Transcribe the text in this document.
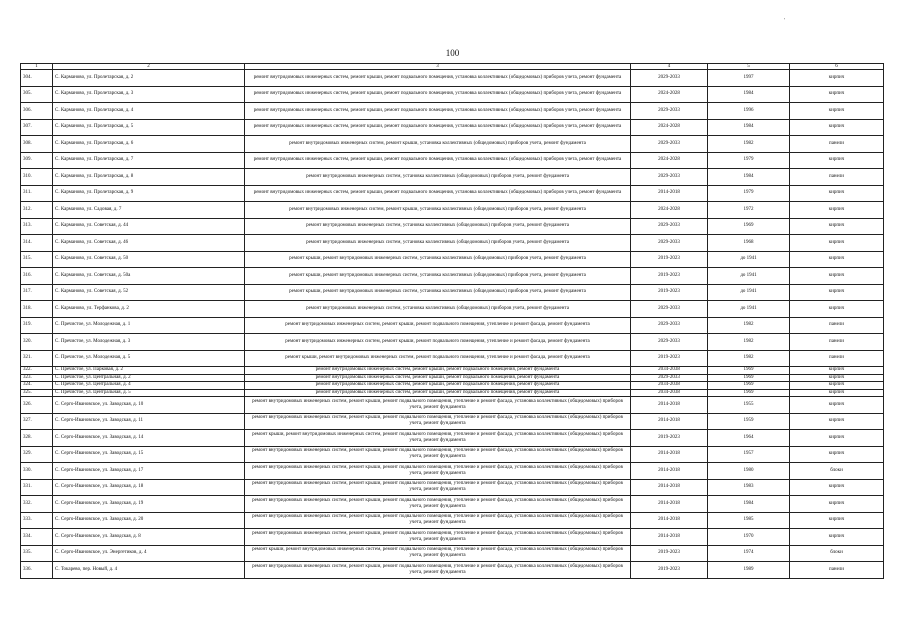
100
1	2	3	4	5	6
304.	С. Карманово, ул. Пролетарская, д. 2	ремонт внутридомовых инженерных систем, ремонт крыши, ремонт подвального помещения, установка коллективных (общедомовых) приборов учета, ремонт фундамента	2029-2033	1997	кирпич
305.	С. Карманово, ул. Пролетарская, д. 3	ремонт внутридомовых инженерных систем, ремонт крыши, ремонт подвального помещения, установка коллективных (общедомовых) приборов учета, ремонт фундамента	2024-2028	1984	кирпич
306.	С. Карманово, ул. Пролетарская, д. 4	ремонт внутридомовых инженерных систем, ремонт крыши, ремонт подвального помещения, установка коллективных (общедомовых) приборов учета, ремонт фундамента	2029-2033	1996	кирпич
307.	С. Карманово, ул. Пролетарская, д. 5	ремонт внутридомовых инженерных систем, ремонт крыши, ремонт подвального помещения, установка коллективных (общедомовых) приборов учета, ремонт фундамента	2024-2028	1984	кирпич
308.	С. Карманово, ул. Пролетарская, д. 6	ремонт внутридомовых инженерных систем, ремонт крыши, установка коллективных (общедомовых) приборов учета, ремонт фундамента	2029-2033	1982	панели
309.	С. Карманово, ул. Пролетарская, д. 7	ремонт внутридомовых инженерных систем, ремонт крыши, ремонт подвального помещения, установка коллективных (общедомовых) приборов учета, ремонт фундамента	2024-2028	1979	кирпич
310.	С. Карманово, ул. Пролетарская, д. 8	ремонт внутридомовых инженерных систем, установка коллективных (общедомовых) приборов учета, ремонт фундамента	2029-2033	1984	панели
311.	С. Карманово, ул. Пролетарская, д. 9	ремонт внутридомовых инженерных систем, ремонт крыши, ремонт подвального помещения, установка коллективных (общедомовых) приборов учета, ремонт фундамента	2014-2018	1979	кирпич
312.	С. Карманово, ул. Садовая, д. 7	ремонт внутридомовых инженерных систем, ремонт крыши, установка коллективных (общедомовых) приборов учета, ремонт фундамента	2024-2028	1972	кирпич
313.	С. Карманово, ул. Советская, д. 44	ремонт внутридомовых инженерных систем, установка коллективных (общедомовых) приборов учета, ремонт фундамента	2029-2033	1969	кирпич
314.	С. Карманово, ул. Советская, д. 46	ремонт внутридомовых инженерных систем, установка коллективных (общедомовых) приборов учета, ремонт фундамента	2029-2033	1968	кирпич
315.	С. Карманово, ул. Советская, д. 50	ремонт крыши, ремонт внутридомовых инженерных систем, установка коллективных (общедомовых) приборов учета, ремонт фундамента	2019-2023	до 1941	кирпич
316.	С. Карманово, ул. Советская, д. 50а	ремонт крыши, ремонт внутридомовых инженерных систем, установка коллективных (общедомовых) приборов учета, ремонт фундамента	2019-2023	до 1941	кирпич
317.	С. Карманово, ул. Советская, д. 52	ремонт крыши, ремонт внутридомовых инженерных систем, установка коллективных (общедомовых) приборов учета, ремонт фундамента	2019-2023	до 1941	кирпич
318.	С. Карманово, ул. Терфанкова, д. 2	ремонт внутридомовых инженерных систем, установка коллективных (общедомовых) приборов учета, ремонт фундамента	2029-2033	до 1941	кирпич
319.	С. Пречистое, ул. Молодежная, д. 1	ремонт внутридомовых инженерных систем, ремонт крыши, ремонт подвального помещения, утепление и ремонт фасада, ремонт фундамента	2029-2033	1982	панели
320.	С. Пречистое, ул. Молодежная, д. 3	ремонт внутридомовых инженерных систем, ремонт крыши, ремонт подвального помещения, утепление и ремонт фасада, ремонт фундамента	2029-2033	1982	панели
321.	С. Пречистое, ул. Молодежная, д. 5	ремонт крыши, ремонт внутридомовых инженерных систем, ремонт подвального помещения, утепление и ремонт фасада, ремонт фундамента	2019-2023	1982	панели
322.	С. Пречистое, ул. Парковая, д. 2	ремонт внутридомовых инженерных систем, ремонт крыши, ремонт подвального помещения, ремонт фундамента	2034-2038	1969	кирпич
323.	С. Пречистое, ул. Центральная, д. 2	ремонт внутридомовых инженерных систем, ремонт крыши, ремонт подвального помещения, ремонт фундамента	2029-2033	1969	кирпич
324.	С. Пречистое, ул. Центральная, д. 4	ремонт внутридомовых инженерных систем, ремонт крыши, ремонт подвального помещения, ремонт фундамента	2034-2038	1969	кирпич
325.	С. Пречистое, ул. Центральная, д. 5	ремонт внутридомовых инженерных систем, ремонт крыши, ремонт подвального помещения, ремонт фундамента	2034-2038	1969	кирпич
326.	С. Серго-Ивановское, ул. Заводская, д. 10	ремонт внутридомовых инженерных систем, ремонт крыши, ремонт подвального помещения, утепление и ремонт фасада, установка коллективных (общедомовых) приборов учета, ремонт фундамента	2014-2018	1955	кирпич
327.	С. Серго-Ивановское, ул. Заводская, д. 11	ремонт внутридомовых инженерных систем, ремонт крыши, ремонт подвального помещения, утепление и ремонт фасада, установка коллективных (общедомовых) приборов учета, ремонт фундамента	2014-2018	1959	кирпич
328.	С. Серго-Ивановское, ул. Заводская, д. 14	ремонт крыши, ремонт внутридомовых инженерных систем, ремонт подвального помещения, утепление и ремонт фасада, установка коллективных (общедомовых) приборов учета, ремонт фундамента	2019-2023	1964	кирпич
329.	С. Серго-Ивановское, ул. Заводская, д. 15	ремонт внутридомовых инженерных систем, ремонт крыши, ремонт подвального помещения, утепление и ремонт фасада, установка коллективных (общедомовых) приборов учета, ремонт фундамента	2014-2018	1957	кирпич
330.	С. Серго-Ивановское, ул. Заводская, д. 17	ремонт внутридомовых инженерных систем, ремонт крыши, ремонт подвального помещения, утепление и ремонт фасада, установка коллективных (общедомовых) приборов учета, ремонт фундамента	2014-2018	1980	блоки
331.	С. Серго-Ивановское, ул. Заводская, д. 18	ремонт внутридомовых инженерных систем, ремонт крыши, ремонт подвального помещения, утепление и ремонт фасада, установка коллективных (общедомовых) приборов учета, ремонт фундамента	2014-2018	1983	кирпич
332.	С. Серго-Ивановское, ул. Заводская, д. 19	ремонт внутридомовых инженерных систем, ремонт крыши, ремонт подвального помещения, утепление и ремонт фасада, установка коллективных (общедомовых) приборов учета, ремонт фундамента	2014-2018	1984	кирпич
333.	С. Серго-Ивановское, ул. Заводская, д. 20	ремонт внутридомовых инженерных систем, ремонт крыши, ремонт подвального помещения, утепление и ремонт фасада, установка коллективных (общедомовых) приборов учета, ремонт фундамента	2014-2018	1985	кирпич
334.	С. Серго-Ивановское, ул. Заводская, д. 8	ремонт внутридомовых инженерных систем, ремонт крыши, ремонт подвального помещения, утепление и ремонт фасада, установка коллективных (общедомовых) приборов учета, ремонт фундамента	2014-2018	1970	кирпич
335.	С. Серго-Ивановское, ул. Энергетиков, д. 4	ремонт крыши, ремонт внутридомовых инженерных систем, ремонт подвального помещения, утепление и ремонт фасада, установка коллективных (общедомовых) приборов учета, ремонт фундамента	2019-2023	1974	блоки
336.	С. Токарево, пер. Новый, д. 4	ремонт внутридомовых инженерных систем, ремонт крыши, ремонт подвального помещения, утепление и ремонт фасада, установка коллективных (общедомовых) приборов учета, ремонт фундамента	2019-2023	1989	панели
′
